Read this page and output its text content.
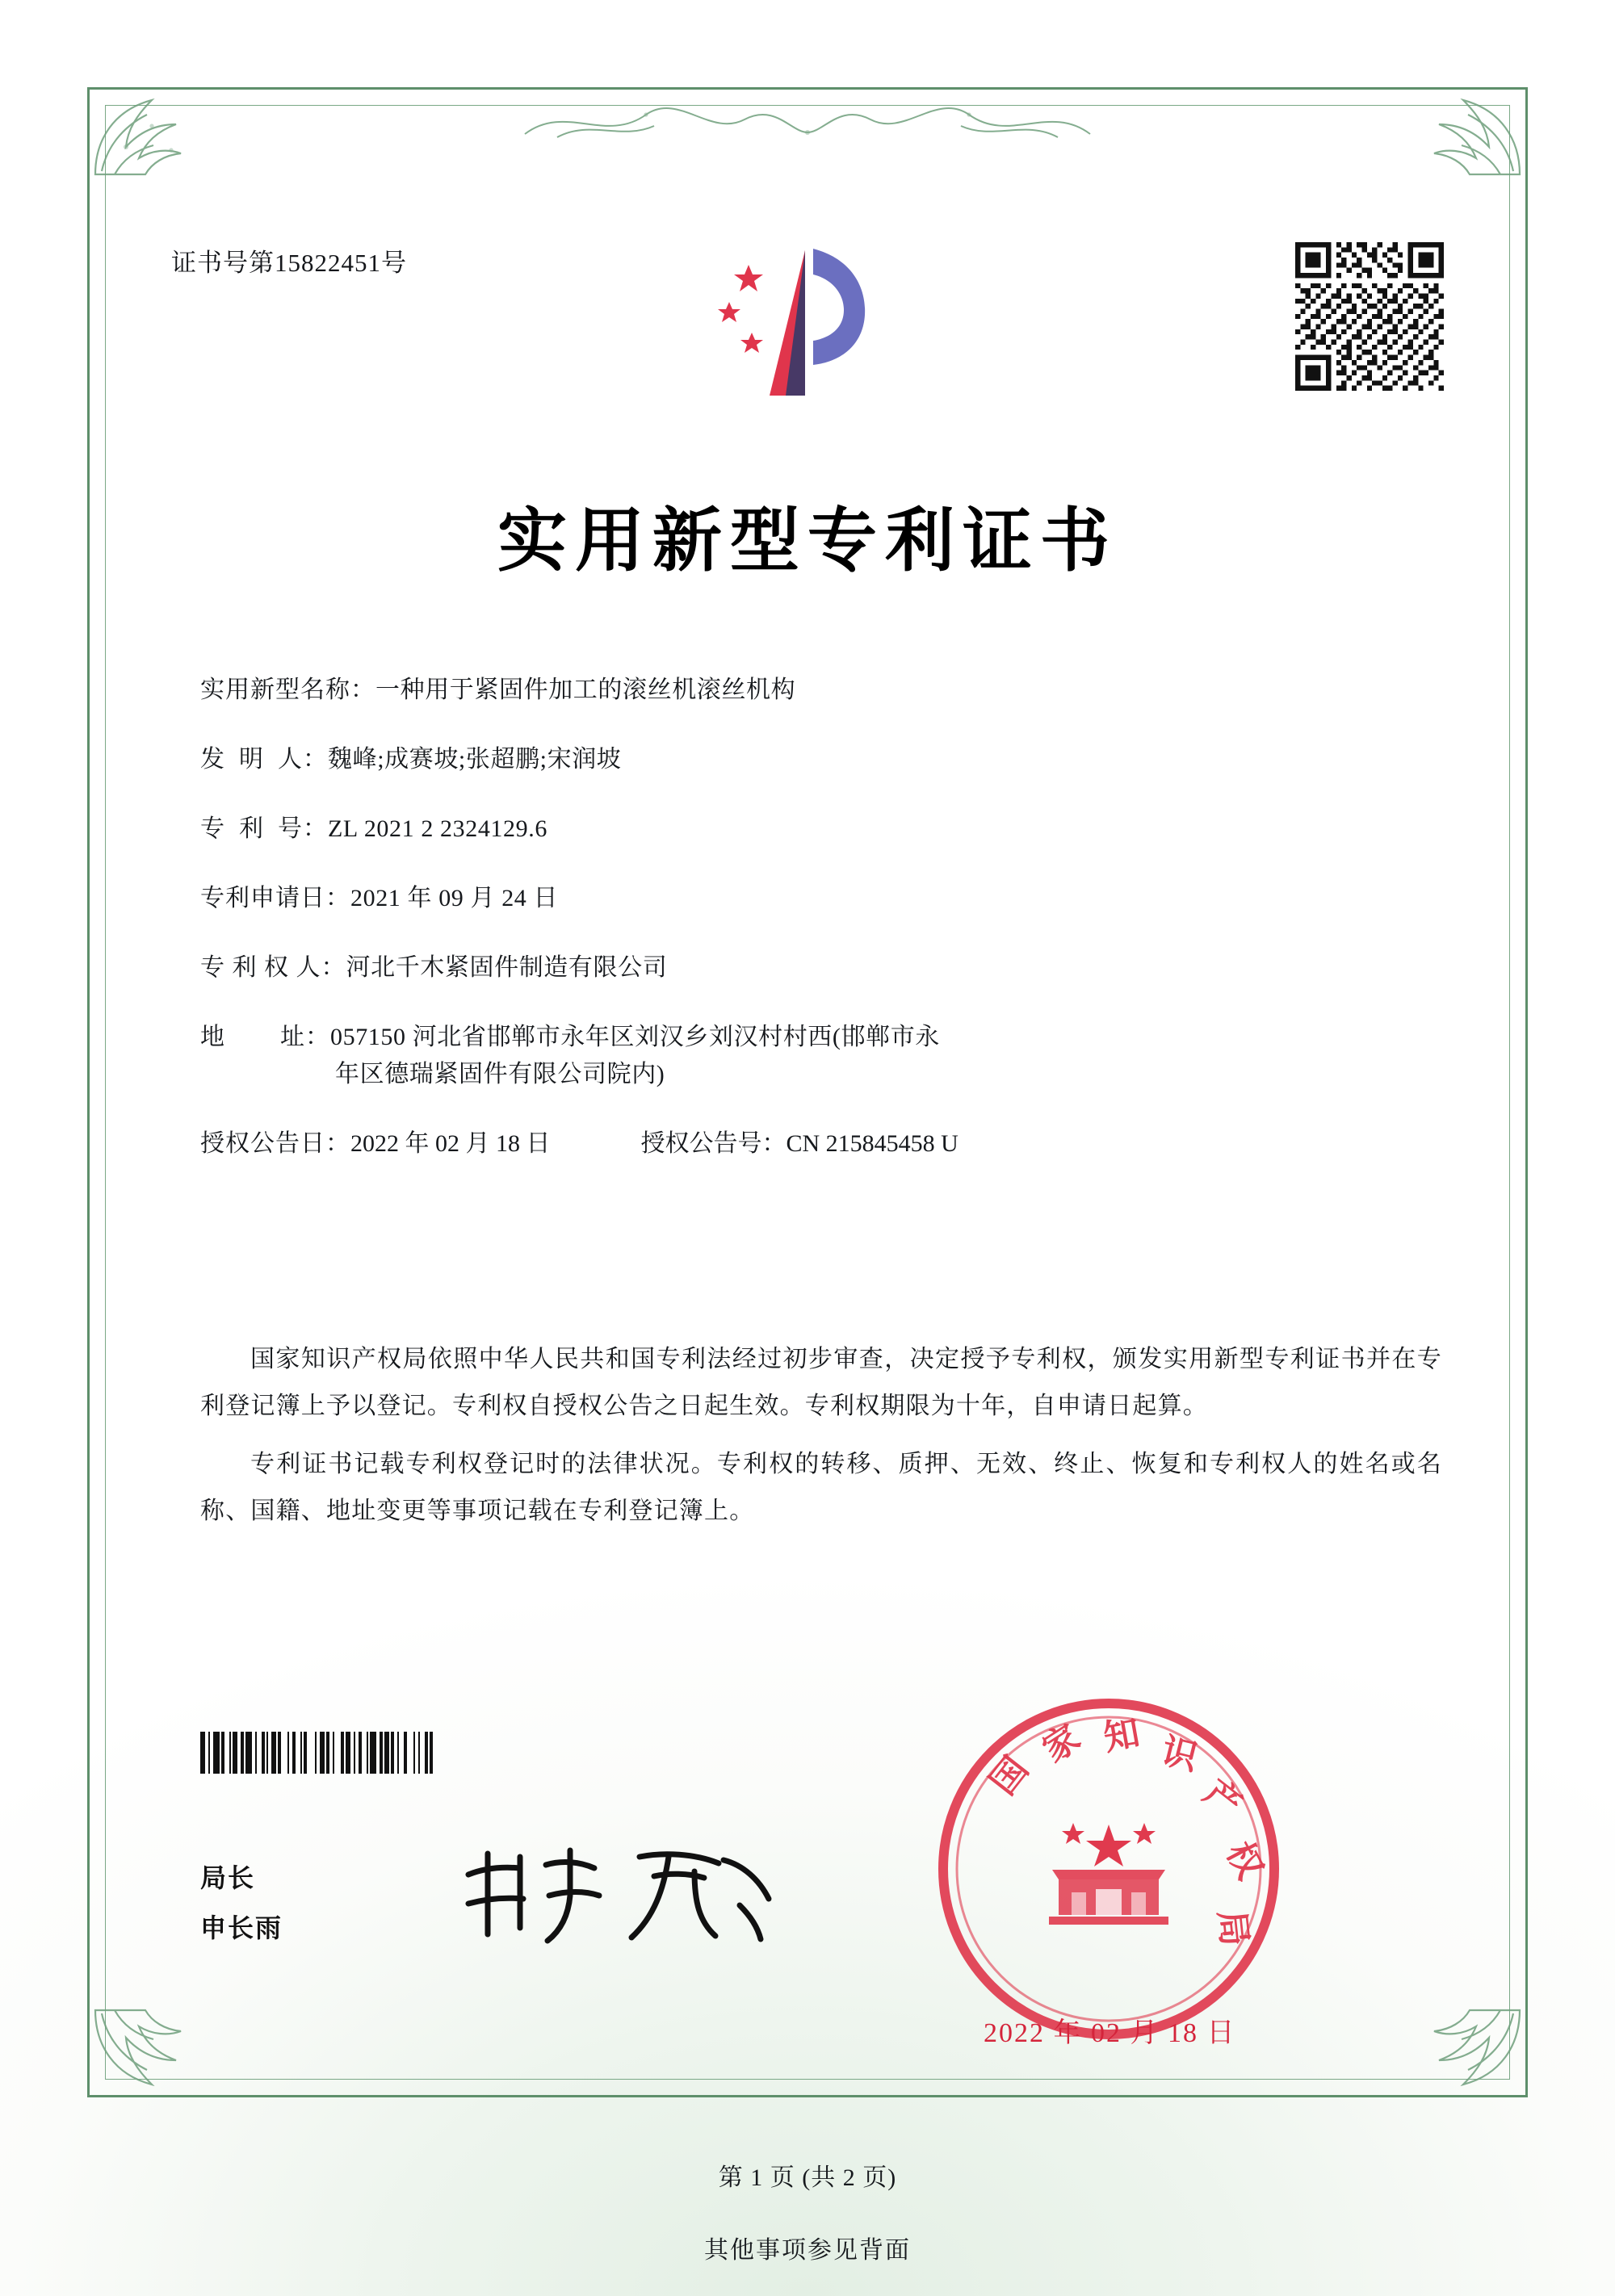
证书号第15822451号
实用新型专利证书
实用新型名称： 一种用于紧固件加工的滚丝机滚丝机构
发  明  人： 魏峰;成赛坡;张超鹏;宋润坡
专  利  号： ZL 2021 2 2324129.6
专利申请日： 2021 年 09 月 24 日
专 利 权 人： 河北千木紧固件制造有限公司
地        址： 057150 河北省邯郸市永年区刘汉乡刘汉村村西(邯郸市永
年区德瑞紧固件有限公司院内)
授权公告日： 2022 年 02 月 18 日	授权公告号： CN 215845458 U

国家知识产权局依照中华人民共和国专利法经过初步审查，决定授予专利权，颁发实用新型专利证书并在专利登记簿上予以登记。专利权自授权公告之日起生效。专利权期限为十年，自申请日起算。

专利证书记载专利权登记时的法律状况。专利权的转移、质押、无效、终止、恢复和专利权人的姓名或名称、国籍、地址变更等事项记载在专利登记簿上。

局长
申长雨
国
家 知 识
产
权
局
2022 年 02 月 18 日
第 1 页 (共 2 页)
其他事项参见背面
